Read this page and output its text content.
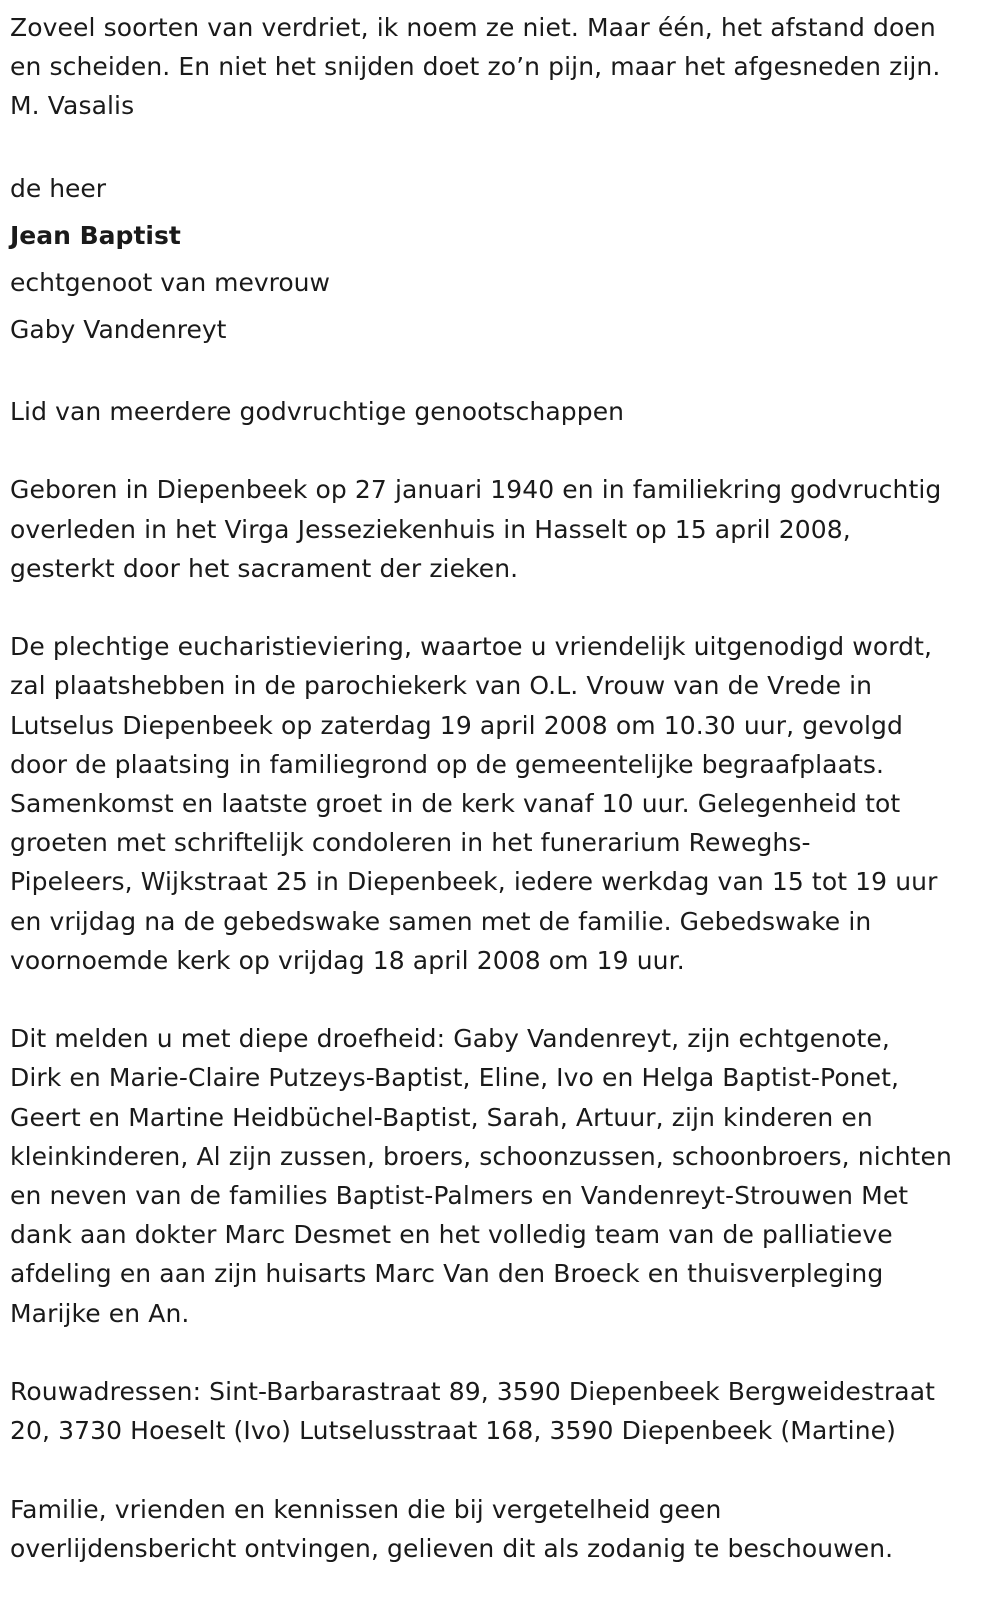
Zoveel soorten van verdriet, ik noem ze niet. Maar één, het afstand doen
en scheiden. En niet het snijden doet zo’n pijn, maar het afgesneden zijn.
M. Vasalis
de heer
Jean Baptist
echtgenoot van mevrouw
Gaby Vandenreyt
Lid van meerdere godvruchtige genootschappen
Geboren in Diepenbeek op 27 januari 1940 en in familiekring godvruchtig
overleden in het Virga Jesseziekenhuis in Hasselt op 15 april 2008,
gesterkt door het sacrament der zieken.
De plechtige eucharistieviering, waartoe u vriendelijk uitgenodigd wordt,
zal plaatshebben in de parochiekerk van O.L. Vrouw van de Vrede in
Lutselus Diepenbeek op zaterdag 19 april 2008 om 10.30 uur, gevolgd
door de plaatsing in familiegrond op de gemeentelijke begraafplaats.
Samenkomst en laatste groet in de kerk vanaf 10 uur. Gelegenheid tot
groeten met schriftelijk condoleren in het funerarium Reweghs-
Pipeleers, Wijkstraat 25 in Diepenbeek, iedere werkdag van 15 tot 19 uur
en vrijdag na de gebedswake samen met de familie. Gebedswake in
voornoemde kerk op vrijdag 18 april 2008 om 19 uur.
Dit melden u met diepe droefheid: Gaby Vandenreyt, zijn echtgenote,
Dirk en Marie-Claire Putzeys-Baptist, Eline, Ivo en Helga Baptist-Ponet,
Geert en Martine Heidbüchel-Baptist, Sarah, Artuur, zijn kinderen en
kleinkinderen, Al zijn zussen, broers, schoonzussen, schoonbroers, nichten
en neven van de families Baptist-Palmers en Vandenreyt-Strouwen Met
dank aan dokter Marc Desmet en het volledig team van de palliatieve
afdeling en aan zijn huisarts Marc Van den Broeck en thuisverpleging
Marijke en An.
Rouwadressen: Sint-Barbarastraat 89, 3590 Diepenbeek Bergweidestraat
20, 3730 Hoeselt (Ivo) Lutselusstraat 168, 3590 Diepenbeek (Martine)
Familie, vrienden en kennissen die bij vergetelheid geen
overlijdensbericht ontvingen, gelieven dit als zodanig te beschouwen.
